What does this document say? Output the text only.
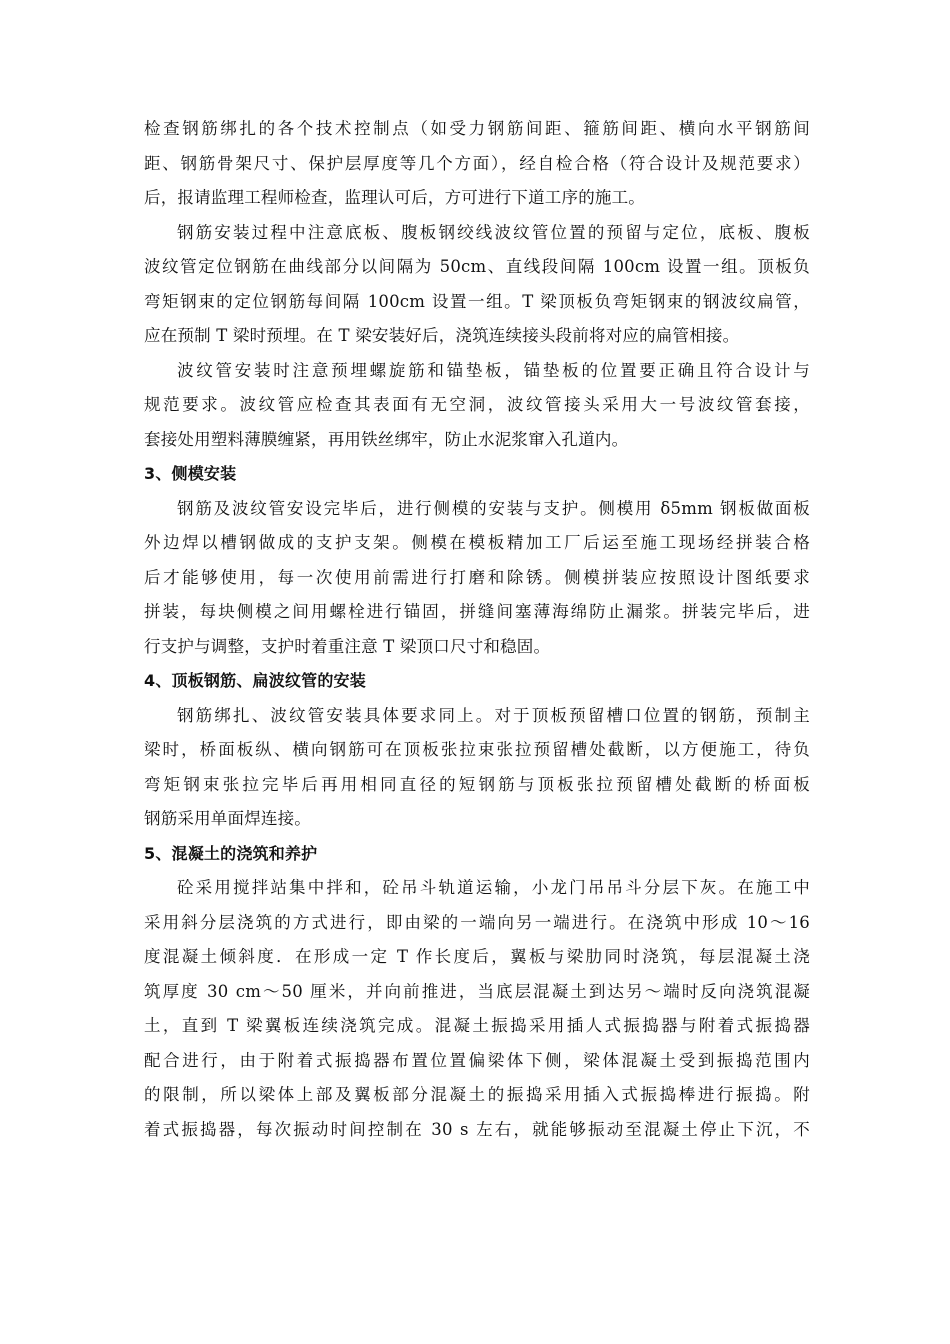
检查钢筋绑扎的各个技术控制点（如受力钢筋间距、箍筋间距、横向水平钢筋间
距、钢筋骨架尺寸、保护层厚度等几个方面），经自检合格（符合设计及规范要求）
后，报请监理工程师检查，监理认可后，方可进行下道工序的施工。
钢筋安装过程中注意底板、腹板钢绞线波纹管位置的预留与定位，底板、腹板
波纹管定位钢筋在曲线部分以间隔为 50cm、直线段间隔 100cm 设置一组。顶板负
弯矩钢束的定位钢筋每间隔 100cm 设置一组。T 梁顶板负弯矩钢束的钢波纹扁管，
应在预制 T 梁时预埋。在 T 梁安装好后，浇筑连续接头段前将对应的扁管相接。
波纹管安装时注意预埋螺旋筋和锚垫板，锚垫板的位置要正确且符合设计与
规范要求。波纹管应检查其表面有无空洞，波纹管接头采用大一号波纹管套接，
套接处用塑料薄膜缠紧，再用铁丝绑牢，防止水泥浆窜入孔道内。
3、侧模安装
钢筋及波纹管安设完毕后，进行侧模的安装与支护。侧模用 δ5mm 钢板做面板
外边焊以槽钢做成的支护支架。侧模在模板精加工厂后运至施工现场经拼装合格
后才能够使用，每一次使用前需进行打磨和除锈。侧模拼装应按照设计图纸要求
拼装，每块侧模之间用螺栓进行锚固，拼缝间塞薄海绵防止漏浆。拼装完毕后，进
行支护与调整，支护时着重注意 T 梁顶口尺寸和稳固。
4、顶板钢筋、扁波纹管的安装
钢筋绑扎、波纹管安装具体要求同上。对于顶板预留槽口位置的钢筋，预制主
梁时，桥面板纵、横向钢筋可在顶板张拉束张拉预留槽处截断，以方便施工，待负
弯矩钢束张拉完毕后再用相同直径的短钢筋与顶板张拉预留槽处截断的桥面板
钢筋采用单面焊连接。
5、混凝土的浇筑和养护
砼采用搅拌站集中拌和，砼吊斗轨道运输，小龙门吊吊斗分层下灰。在施工中
采用斜分层浇筑的方式进行，即由梁的一端向另一端进行。在浇筑中形成 10～16
度混凝土倾斜度．在形成一定 T 作长度后，翼板与梁肋同时浇筑，每层混凝土浇
筑厚度 30 cm～50 厘米，并向前推进，当底层混凝土到达另～端时反向浇筑混凝
土，直到 T 梁翼板连续浇筑完成。混凝土振捣采用插人式振捣器与附着式振捣器
配合进行，由于附着式振捣器布置位置偏梁体下侧，梁体混凝土受到振捣范围内
的限制，所以梁体上部及翼板部分混凝土的振捣采用插入式振捣棒进行振捣。附
着式振捣器，每次振动时间控制在 30 s 左右，就能够振动至混凝土停止下沉，不
